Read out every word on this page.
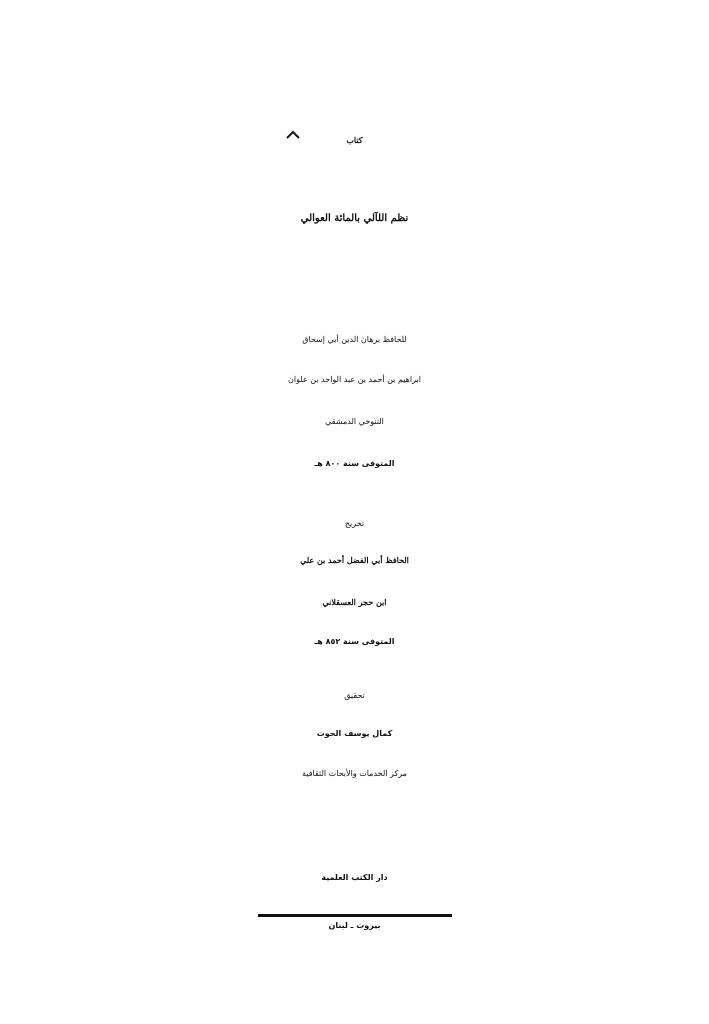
كتاب
نظم اللآلي بالمائة العوالي
للحافظ برهان الدين أبي إسحاق
ابراهيم بن أحمد بن عبد الواحد بن علوان
التنوخي الدمشقي
المتوفى سنة ٨٠٠ هـ
تخريج
الحافظ أبي الفضل أحمد بن علي
ابن حجر العسقلاني
المتوفى سنة ٨٥٢ هـ
تحقيق
كمال يوسف الحوت
مركز الخدمات والأبحاث الثقافية
دار الكتب العلمية
بيروت ـ لبنان
